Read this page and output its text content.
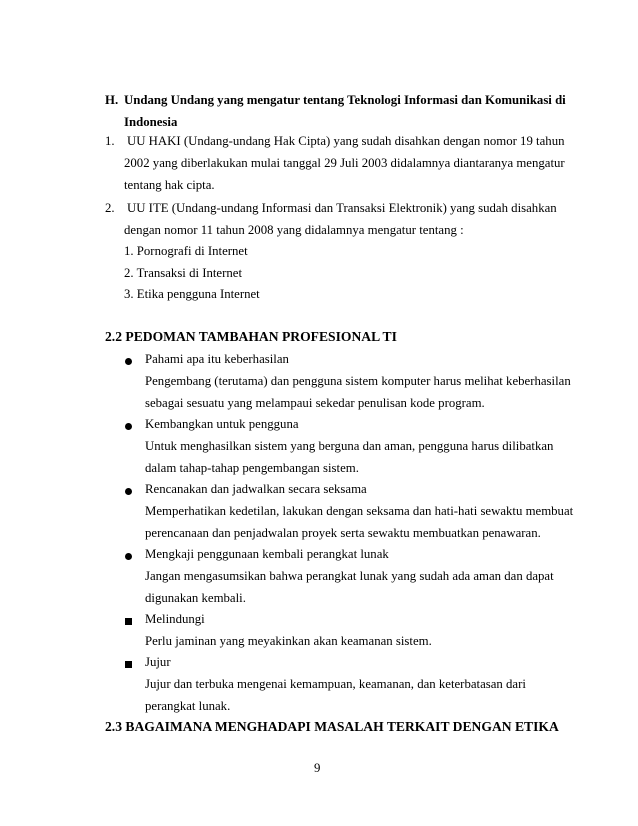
H. Undang Undang yang mengatur tentang Teknologi Informasi dan Komunikasi di
Indonesia
1. UU HAKI (Undang-undang Hak Cipta) yang sudah disahkan dengan nomor 19 tahun
2002 yang diberlakukan mulai tanggal 29 Juli 2003 didalamnya diantaranya mengatur
tentang hak cipta.
2. UU ITE (Undang-undang Informasi dan Transaksi Elektronik) yang sudah disahkan
dengan nomor 11 tahun 2008 yang didalamnya mengatur tentang :
1. Pornografi di Internet
2. Transaksi di Internet
3. Etika pengguna Internet
2.2 PEDOMAN TAMBAHAN PROFESIONAL TI
Pahami apa itu keberhasilan
Pengembang (terutama) dan pengguna sistem komputer harus melihat keberhasilan
sebagai sesuatu yang melampaui sekedar penulisan kode program.
Kembangkan untuk pengguna
Untuk menghasilkan sistem yang berguna dan aman, pengguna harus dilibatkan
dalam tahap-tahap pengembangan sistem.
Rencanakan dan jadwalkan secara seksama
Memperhatikan kedetilan, lakukan dengan seksama dan hati-hati sewaktu membuat
perencanaan dan penjadwalan proyek serta sewaktu membuatkan penawaran.
Mengkaji penggunaan kembali perangkat lunak
Jangan mengasumsikan bahwa perangkat lunak yang sudah ada aman dan dapat
digunakan kembali.
Melindungi
Perlu jaminan yang meyakinkan akan keamanan sistem.
Jujur
Jujur dan terbuka mengenai kemampuan, keamanan, dan keterbatasan dari
perangkat lunak.
2.3 BAGAIMANA MENGHADAPI MASALAH TERKAIT DENGAN ETIKA
9
